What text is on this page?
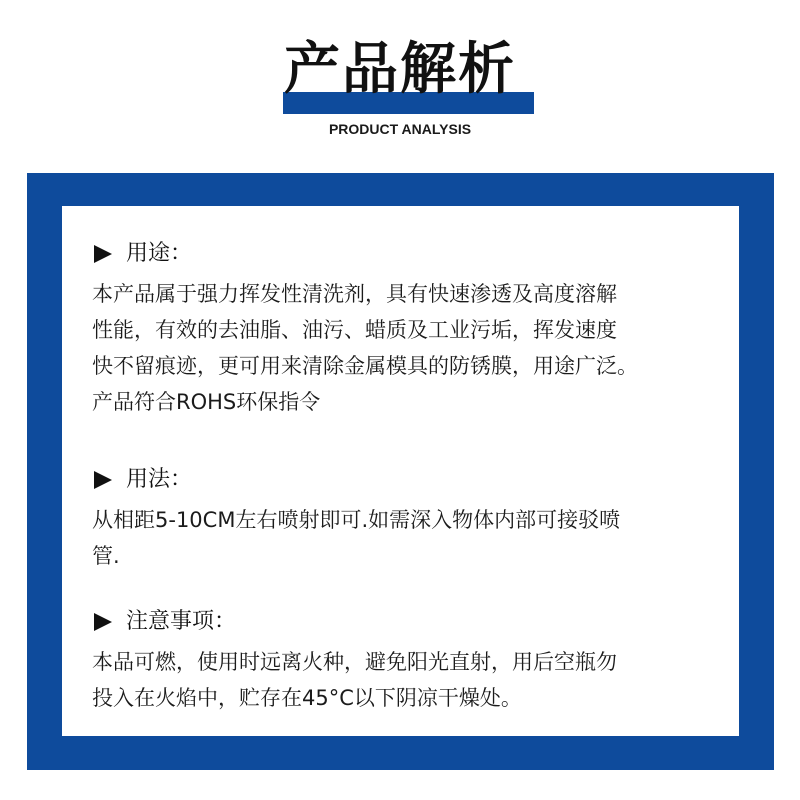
产品解析
PRODUCT ANALYSIS
用途：
本产品属于强力挥发性清洗剂，具有快速渗透及高度溶解
性能，有效的去油脂、油污、蜡质及工业污垢，挥发速度
快不留痕迹，更可用来清除金属模具的防锈膜，用途广泛。
产品符合ROHS环保指令
用法：
从相距5-10CM左右喷射即可.如需深入物体内部可接驳喷
管.
注意事项：
本品可燃，使用时远离火种，避免阳光直射，用后空瓶勿
投入在火焰中，贮存在45°C以下阴凉干燥处。
